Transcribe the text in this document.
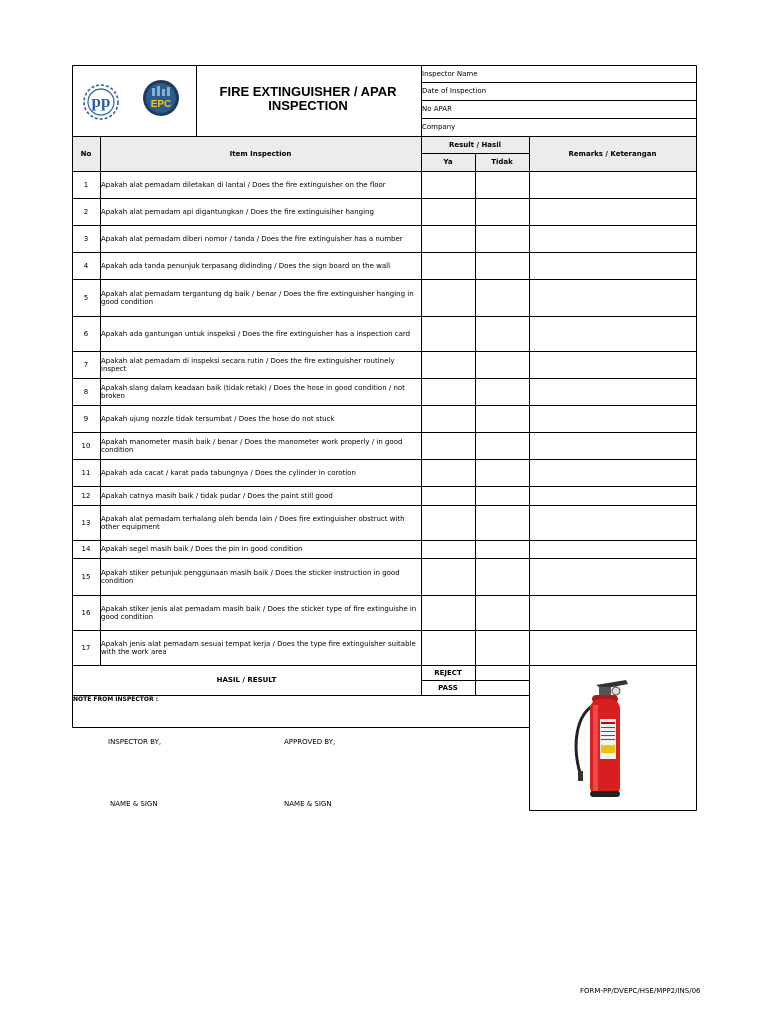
pp	EPC
FIRE EXTINGUISHER / APAR
INSPECTION
Inspector Name
Date of Inspection
No APAR
Company
No	Item Inspection
Result / Hasil
Ya	Tidak
Remarks / Keterangan
1	Apakah alat pemadam diletakan di lantai / Does the fire extinguisher on the floor
2	Apakah alat pemadam api digantungkan / Does the fire extinguisiher hanging
3	Apakah alat pemadam diberi nomor / tanda / Does the fire extinguisher has a number
4	Apakah ada tanda penunjuk terpasang didinding / Does the sign board on the wall
5	Apakah alat pemadam tergantung dg baik / benar / Does the fire extinguisher hanging in good condition
6	Apakah ada gantungan untuk inspeksi / Does the fire extinguisher has a inspection card
7	Apakah alat pemadam di inspeksi secara rutin / Does the fire extinguisher routinely inspect
8	Apakah slang dalam keadaan baik (tidak retak) / Does the hose in good condition / not broken
9	Apakah ujung nozzle tidak tersumbat / Does the hose do not stuck
10	Apakah manometer masih baik / benar / Does the manometer work properly / in good condition
11	Apakah ada cacat / karat pada tabungnya / Does the cylinder in corotion
12	Apakah catnya masih baik / tidak pudar / Does the paint still good
13	Apakah alat pemadam terhalang oleh benda lain / Does fire extinguisher obstruct with other equipment
14	Apakah segel masih baik / Does the pin in good condition
15	Apakah stiker petunjuk penggunaan masih baik / Does the sticker instruction in good condition
16	Apakah stiker jenis alat pemadam masih baik / Does the sticker type of fire extinguishe in good condition
17	Apakah jenis alat pemadam sesuai tempat kerja / Does the type fire extinguisher suitable with the work area
HASIL / RESULT
REJECT
PASS
NOTE FROM INSPECTOR :
INSPECTOR BY,	APPROVED BY,
NAME & SIGN	NAME & SIGN
FORM-PP/DVEPC/HSE/MPP2/INS/06
